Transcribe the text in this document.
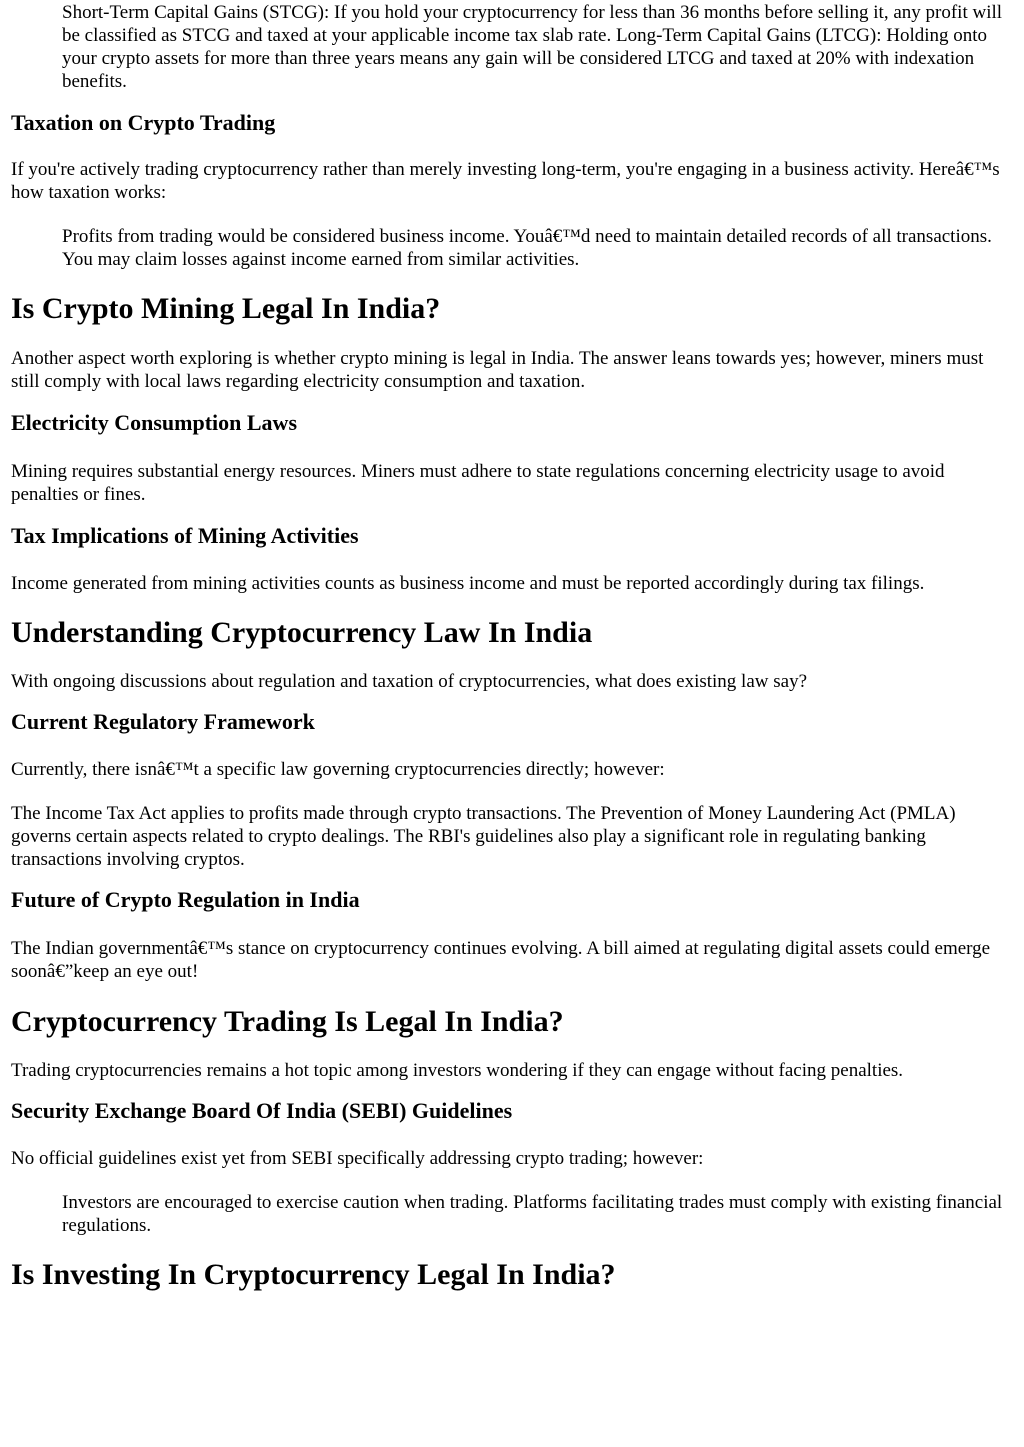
Short-Term Capital Gains (STCG): If you hold your cryptocurrency for less than 36 months before selling it, any profit will be classified as STCG and taxed at your applicable income tax slab rate. Long-Term Capital Gains (LTCG): Holding onto your crypto assets for more than three years means any gain will be considered LTCG and taxed at 20% with indexation benefits.
Taxation on Crypto Trading

If you're actively trading cryptocurrency rather than merely investing long-term, you're engaging in a business activity. Hereâ€™s how taxation works:

Profits from trading would be considered business income. Youâ€™d need to maintain detailed records of all transactions. You may claim losses against income earned from similar activities.
Is Crypto Mining Legal In India?

Another aspect worth exploring is whether crypto mining is legal in India. The answer leans towards yes; however, miners must still comply with local laws regarding electricity consumption and taxation.

Electricity Consumption Laws

Mining requires substantial energy resources. Miners must adhere to state regulations concerning electricity usage to avoid penalties or fines.

Tax Implications of Mining Activities

Income generated from mining activities counts as business income and must be reported accordingly during tax filings.

Understanding Cryptocurrency Law In India

With ongoing discussions about regulation and taxation of cryptocurrencies, what does existing law say?

Current Regulatory Framework

Currently, there isnâ€™t a specific law governing cryptocurrencies directly; however:

The Income Tax Act applies to profits made through crypto transactions. The Prevention of Money Laundering Act (PMLA) governs certain aspects related to crypto dealings. The RBI's guidelines also play a significant role in regulating banking transactions involving cryptos.

Future of Crypto Regulation in India

The Indian governmentâ€™s stance on cryptocurrency continues evolving. A bill aimed at regulating digital assets could emerge soonâ€”keep an eye out!

Cryptocurrency Trading Is Legal In India?

Trading cryptocurrencies remains a hot topic among investors wondering if they can engage without facing penalties.

Security Exchange Board Of India (SEBI) Guidelines

No official guidelines exist yet from SEBI specifically addressing crypto trading; however:

Investors are encouraged to exercise caution when trading. Platforms facilitating trades must comply with existing financial regulations.
Is Investing In Cryptocurrency Legal In India?
